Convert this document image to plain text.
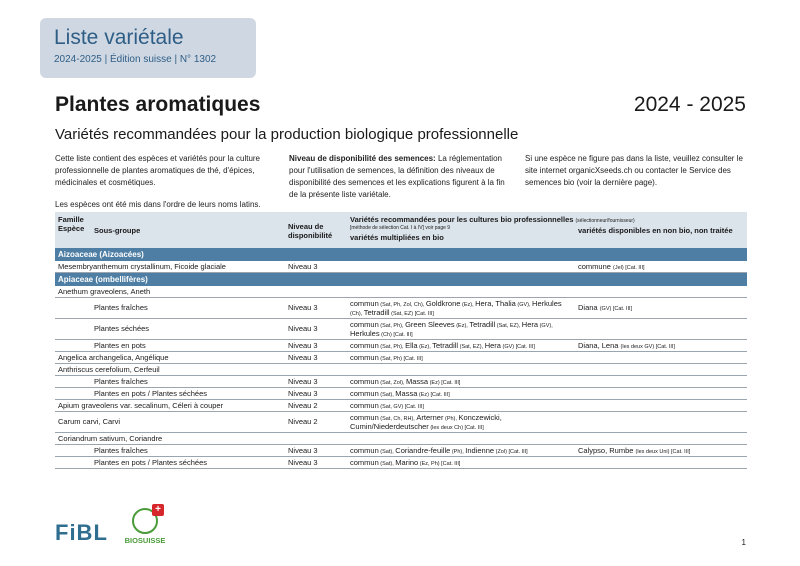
Liste variétale
2024-2025 | Édition suisse | N° 1302
Plantes aromatiques	2024 - 2025
Variétés recommandées pour la production biologique professionnelle

Cette liste contient des espèces et variétés pour la culture professionnelle de plantes aromatiques de thé, d'épices, médicinales et cosmétiques.

Les espèces ont été mis dans l'ordre de leurs noms latins.

Niveau de disponibilité des semences: La réglementation pour l'utilisation de semences, la définition des niveaux de disponibilité des semences et les explications figurent à la fin de la présente liste variétale.

Si une espèce ne figure pas dans la liste, veuillez consulter le site internet organicXseeds.ch ou contacter le Service des semences bio (voir la dernière page).

Famille
Espèce	Sous-groupe	Niveau de disponibilité	Variétés recommandées pour les cultures bio professionnelles (sélectionneur/fournisseur)	
			[méthode de sélection Cat. I à IV] voir page 9	variétés disponibles en non bio, non traitée
			variétés multipliées en bio	
Aizoaceae (Aizoacées)				
Mesembryanthemum crystallinum, Ficoide glaciale		Niveau 3		commune (Jel) [Cat. III]
Apiaceae (ombellifères)				
Anethum graveolens, Aneth				
	Plantes fraîches	Niveau 3	commun (Sat, Ph, Zol, Ch), Goldkrone (Ez), Hera, Thalia (GV), Herkules (Ch), Tetradill (Sat, EZ) [Cat. III]	Diana (GV) [Cat. III]
	Plantes séchées	Niveau 3	commun (Sat, Ph), Green Sleeves (Ez), Tetradill (Sat, EZ), Hera (GV), Herkules (Ch) [Cat. III]	
	Plantes en pots	Niveau 3	commun (Sat, Ph), Ella (Ez), Tetradill (Sat, EZ), Hera (GV) [Cat. III]	Diana, Lena (les deux GV) [Cat. III]
Angelica archangelica, Angélique		Niveau 3	commun (Sat, Ph) [Cat. III]	
Anthriscus cerefolium, Cerfeuil				
	Plantes fraîches	Niveau 3	commun (Sat, Zol), Massa (Ez) [Cat. III]	
	Plantes en pots / Plantes séchées	Niveau 3	commun (Sat), Massa (Ez) [Cat. III]	
Apium graveolens var. secalinum, Céleri à couper		Niveau 2	commun (Sat, GV) [Cat. III]	
Carum carvi, Carvi		Niveau 2	commun (Sat, Ch, RH), Arterner (Ph), Konczewicki, Cumin/Niederdeutscher (les deux Ch) [Cat. III]	
Coriandrum sativum, Coriandre				
	Plantes fraîches	Niveau 3	commun (Sat), Coriandre-feuille (Ph), Indienne (Zol) [Cat. III]	Calypso, Rumbe (les deux Uni) [Cat. III]
	Plantes en pots / Plantes séchées	Niveau 3	commun (Sat), Marino (Ez, Ph) [Cat. III]	
FiBL
+
BIOSUISSE	1
